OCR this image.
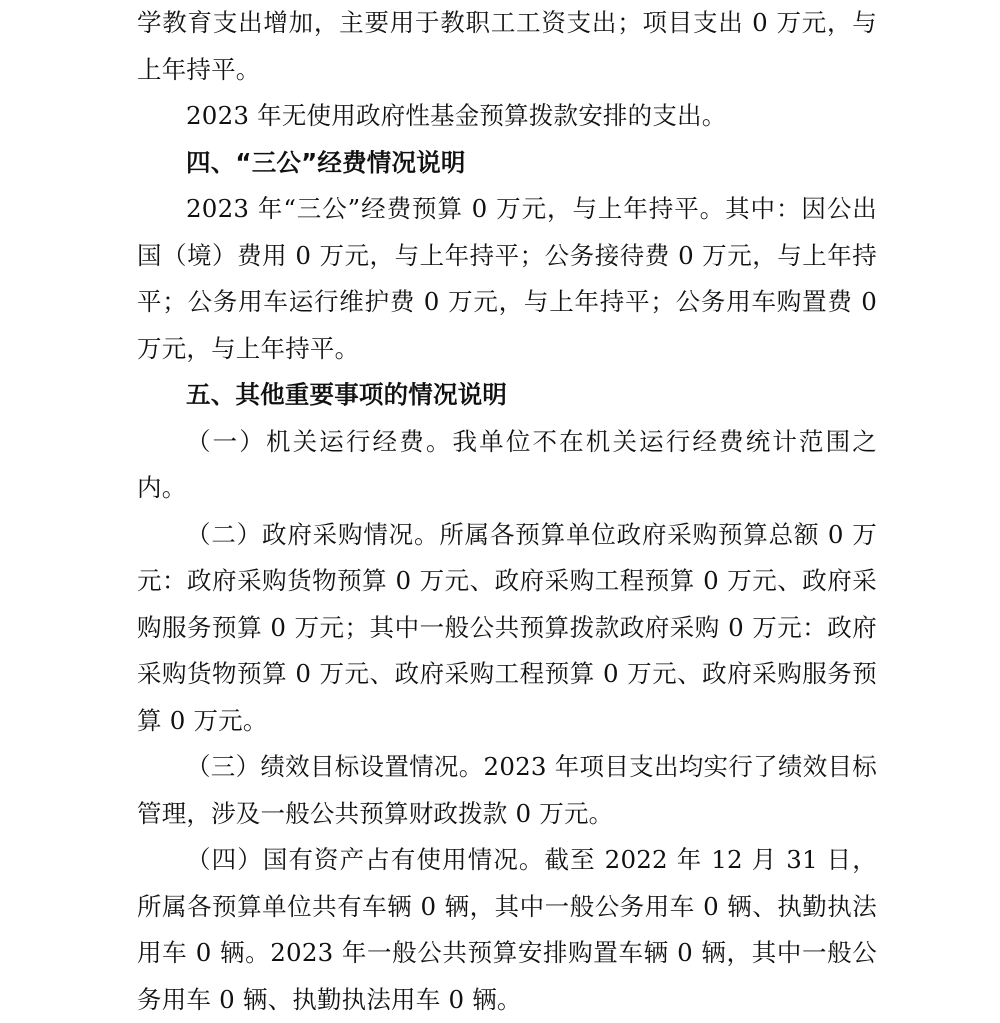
学教育支出增加，主要用于教职工工资支出；项目支出 0 万元，与上年持平。

2023 年无使用政府性基金预算拨款安排的支出。

四、“三公”经费情况说明

2023 年“三公”经费预算 0 万元，与上年持平。其中：因公出国（境）费用 0 万元，与上年持平；公务接待费 0 万元，与上年持平；公务用车运行维护费 0 万元，与上年持平；公务用车购置费 0 万元，与上年持平。

五、其他重要事项的情况说明

（一）机关运行经费。我单位不在机关运行经费统计范围之内。

（二）政府采购情况。所属各预算单位政府采购预算总额 0 万元：政府采购货物预算 0 万元、政府采购工程预算 0 万元、政府采购服务预算 0 万元；其中一般公共预算拨款政府采购 0 万元：政府采购货物预算 0 万元、政府采购工程预算 0 万元、政府采购服务预算 0 万元。

（三）绩效目标设置情况。2023 年项目支出均实行了绩效目标管理，涉及一般公共预算财政拨款 0 万元。

（四）国有资产占有使用情况。截至 2022 年 12 月 31 日，所属各预算单位共有车辆 0 辆，其中一般公务用车 0 辆、执勤执法用车 0 辆。2023 年一般公共预算安排购置车辆 0 辆，其中一般公务用车 0 辆、执勤执法用车 0 辆。
